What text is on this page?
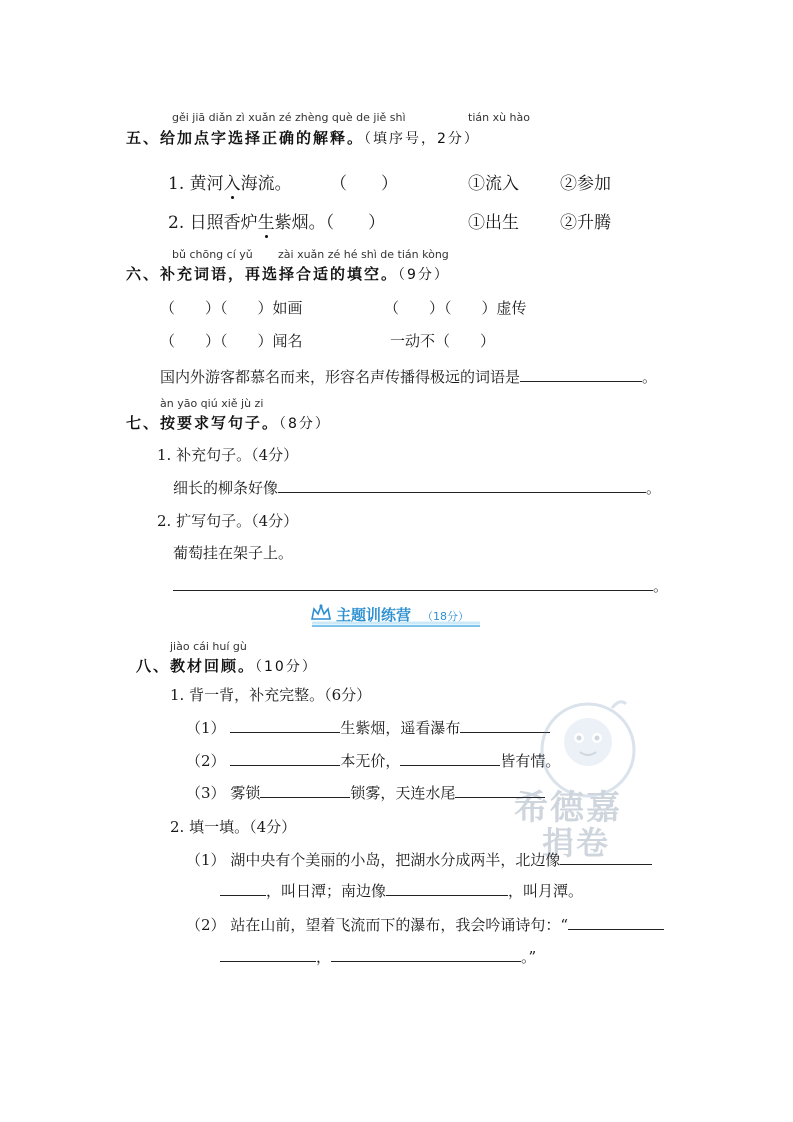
gěi jiā diǎn zì xuǎn zé zhèng què de jiě shì	tián xù hào
五、给加点字选择正确的解释。（填序号，2分）
1. 黄河入海流。 （　　）	①流入 ②参加
2. 日照香炉生紫烟。（　　）	①出生 ②升腾
bǔ chōng cí yǔ zài xuǎn zé hé shì de tián kòng
六、补充词语，再选择合适的填空。（9分）
（　　）（　　）如画	（　　）（　　）虚传
（　　）（　　）闻名	一动不（　　）
国内外游客都慕名而来，形容名声传播得极远的词语是	。
àn yāo qiú xiě jù zi
七、按要求写句子。（8分）
1. 补充句子。（4分）
细长的柳条好像	。
2. 扩写句子。（4分）
葡萄挂在架子上。
。
主题训练营 （18分）
jiào cái huí gù
八、教材回顾。（10分）
1. 背一背，补充完整。（6分）
（1）	生紫烟，遥看瀑布
（2）	本无价，	皆有情。
（3） 雾锁	锁雾，天连水尾
2. 填一填。（4分）
（1） 湖中央有个美丽的小岛，把湖水分成两半，北边像
，叫日潭；南边像	，叫月潭。
（2） 站在山前，望着飞流而下的瀑布，我会吟诵诗句：“
，	。”
希德嘉
捐卷
